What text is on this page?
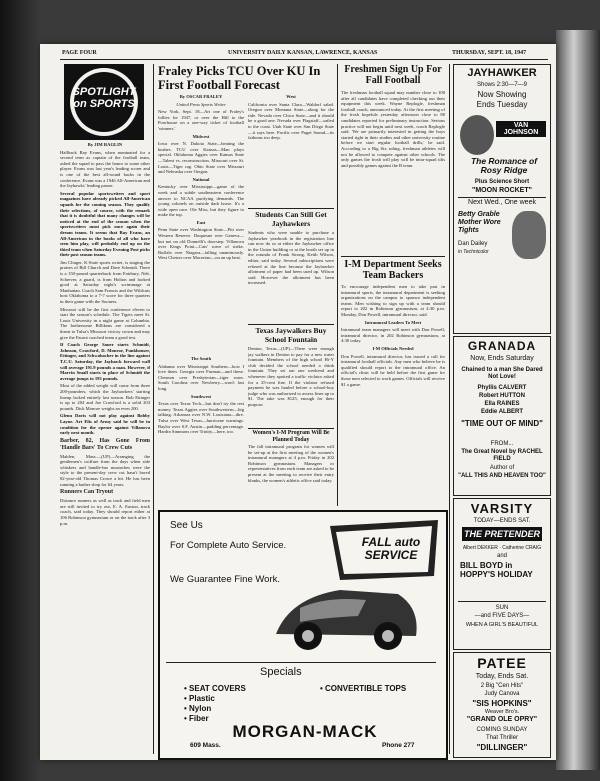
PAGE FOUR	UNIVERSITY DAILY KANSAN, LAWRENCE, KANSAS	THURSDAY, SEPT. 18, 1947
SPOTLIGHT on SPORTS

By JIM RAGLIN

Halfback Ray Evans, when nominated for a second term as captain of the football team, asked the squad to pass the honor to some other player. Evans was last year's leading scorer and is one of the best all-round backs in the conference. Evans was a 1946 All-American and the Jayhawks' leading passer.

Several popular sportswriters and sport magazines have already picked All-American squads for the coming season. They qualify their selections, of course, with the remark that it is doubtful that many changes will be noticed at the end of the season when the sportswriters must pick once again their dream teams. It seems that Ray Evans, an All-American in the books of all who have seen him play, will probably end up on the third team when Saturday Evening Post picks their post season teams.

Jim Clinger, K-State sports writer, is singing the praises of Bill Church and Dave Schmidt. There is a 150-pound quarterback from Fairbury, Neb. Schrever, a guard, is from Holton and looked good at Saturday night's scrimmage at Manhattan. Coach Sam Francis and the Wildcats host Oklahoma to a 7-7 score for three quarters in their game with the Sooners.

Missouri will be the first conference eleven to start the season's schedule. The Tigers meet St. Louis University in a night game at Columbia. The bothersome Billikens are considered a threat to Tulsa's Missouri victory crown and may give the Faurot coached team a good test.

If Coach George Sauer starts Schmidt, Johnson, Crawford, D. Monroe, Funkhouser, Ettinger, and Schwabacher in the line against T.C.U. Saturday, the Jayhawk forward wall will average 191.9 pounds a man. However, if Marvin Small starts in place of Schmidt the average jumps to 193 pounds.

Most of the added weight will come from three 200-pounders, which the Jayhawkers' starting lineup lacked entirely last season. Bob Ettinger is up to 204 and Joe Crawford is a solid 203 pounds. Dick Monroe weighs an even 200.

Glenn Davis will not play against Bobby Layne. Art Elis of Army said he will be in condition for the opener against Villanova early next month.

Barber, 82, Has Gone From 'Handle Bars' To Crew Cuts

Malden, Mass.—(UP)—Arranging the gentlemen's coiffure from the days when side whiskers and handle-bar mustaches were the style to the present-day crew cut hasn't bored 82-year-old Thomas Crowe a bit. He has been running a barber shop for 64 years.

Runners Can Tryout

Distance runners as well as track and field men are still invited to try out, E. A. Easton, track coach, said today. They should report either at 106 Robinson gymnasium or on the track after 3 p.m.

Fraley Picks TCU Over KU In First Football Forecast

By OSCAR FRALEY

United Press Sports Writer

New York, Sept. 18—Art one of Fraley's follies for 1947, or over the Hill to the Poorhouse on a one-way ticket of football 'winners.'

Midwest

Iowa over N. Dakota State—beating the bushes. TCU over Kansas—Man plays special. Oklahoma Aggies over Kansas State—Talent vs. reconstruction. Missouri over St. Louis—Tiger rag. Ohio State over Missouri and Nebraska over Oregon.

National

Kentucky over Mississippi—game of the week and a subtle southeastern conference answer to NCAA purifying demands. The young colonels on outside dark horse. It's a wide open race. Ole Miss, but they figure to make the top.

East

Penn State over Washington State—Pitt over Western Reserve. Duquesne over Geneva—but not on old Donnelli's doorstep. Villanova over Kings Point—Cats' wave of strike. Buffalo over Niagara—falling unanimously. West Chester over Moravian—on an up beat.

The South

Alabama over Mississippi Southern—how I love them. Georgia over Furman—and these. Clemson over Presbyterian—tiger roars. South Carolina over Newberry—won't last long.

Southwest

Texas over Texas Tech—but don't try the rest money. Texas Aggies over Southwestern—big talking. Arkansas over N.W. Louisiana—dire. Tulsa over West Texas—hurricane warnings. Baylor over S.F. Austin—padding percentage. Hardin Simmons over Trinity—here, too.

West

California over Santa Clara—Waldorf salad. Oregon over Montana State—along for the ride. Nevada over Chico State—and it should be a good one. Nevada over Flagstaff—sailed to the coast. Utah State over San Diego State—it says here. Pacific over Puget Sound—its fathoms too deep.

Students Can Still Get Jayhawkers

Students who were unable to purchase a Jayhawker yearbook in the registration line can now do so at either the Jayhawker office in the Union building or at the booth set up in the rotunda of Frank Strong, Keith Wilson, editor, said today. Several subscriptions were refused at the line because the Jayhawker allotment of paper had been used up. Wilson said. However the allotment has been increased.

Texas Jaywalkers Buy School Fountain

Denton, Texas—(UP)—There were enough jay walkers in Denton to pay for a new water fountain. Members of the high school Hi-Y club decided the school needed a drink fountain. They set out one weekend and whenever they spotted a traffic violator asked for a 25-cent fine. If the violator refused payment he was hauled before a school-boy judge who was authorized to assess fines up to $1. The take was $125, enough for their purpose.

Women's I-M Program Will Be Planned Today

The fall intramural program for women will be set-up at the first meeting of the women's intramural managers at 4 p.m. Friday in 202 Robinson gymnasium. Managers or representatives from each team are asked to be present at the meeting to receive their entry blanks, the women's athletic office said today.

Freshmen Sign Up For Fall Football

The freshman football squad may number close to 100 after all candidates have completed checking out their equipment this week. Wayne Replogle, freshman football coach, announced today. At the first meeting of the frosh hopefuls yesterday afternoon close to 80 candidates reported for preliminary instruction. Serious practice will not begin until next week, coach Replogle said. 'We are primarily interested in getting the boys started right in their studies and other university routine before we start regular football drills,' he said. According to a Big Six ruling, freshman athletes will not be allowed to compete against other schools. The only games the frosh will play will be intra-squad tilts and possibly games against the B team.

I-M Department Seeks Team Backers

To encourage independent men to take part in intramural sports, the intramural department is seeking organizations on the campus to sponsor independent teams. Men wishing to sign up with a team should report to 202 in Robinson gymnasium, at 4:30 p.m. Monday, Don Powell, intramural director, said.

Intramural Leaders To Meet

Intramural team managers will meet with Don Powell, intramural director, in 202 Robinson gymnasium, at 4:30 today.

I-M Officials Needed

Don Powell, intramural director, has issued a call for intramural football officials. Any men who believe he is qualified should report to the intramural office. An official's clinic will be held before the first game for those men selected to work games. Officials will receive $1 a game.

See Us
For Complete Auto Service.
We Guarantee Fine Work.
FALL auto SERVICE
Specials
• SEAT COVERS
• Plastic
• Nylon
• Fiber
• CONVERTIBLE TOPS
MORGAN-MACK
609 Mass.	Phone 277
JAYHAWKER
Shows 2:30—7—9
Now Showing
Ends Tuesday
VAN JOHNSON
The Romance of Rosy Ridge
Plus Science Short
"MOON ROCKET"
Next Wed., One week
Betty Grable Mother Wore Tights
Dan Dailey
in Technicolor
GRANADA
Now, Ends Saturday
Chained to a man She Dared Not Love!
Phyllis CALVERT
Robert HUTTON
Ella RAINES
Eddie ALBERT
"TIME OUT OF MIND"
FROM...
The Great Novel by RACHEL FIELD
Author of
"ALL THIS AND HEAVEN TOO"
VARSITY
TODAY—ENDS SAT.
THE PRETENDER
Albert DEKKER · Catherine CRAIG
and
BILL BOYD in HOPPY'S HOLIDAY
SUN
—and FIVE DAYS—
WHEN A GIRL'S BEAUTIFUL
PATEE
Today, Ends Sat.
2 Big "Cen Hits"
Judy Canova
"SIS HOPKINS"
Weaver Bro's.
"GRAND OLE OPRY"
COMING SUNDAY
That Thriller
"DILLINGER"
